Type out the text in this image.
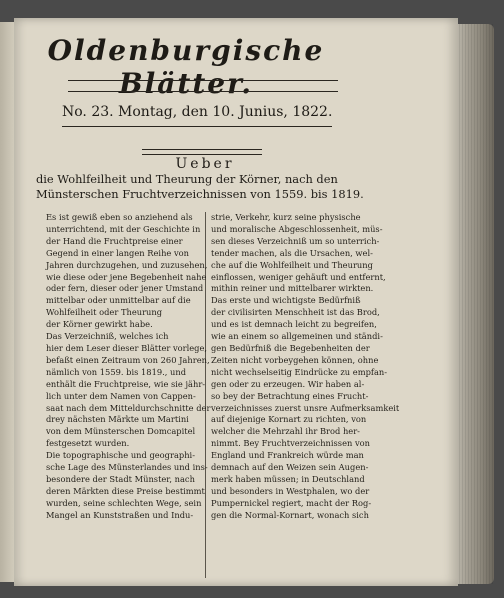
Oldenburgische Blätter.
No. 23. Montag, den 10. Junius, 1822.
Ueber
die Wohlfeilheit und Theurung der Körner, nach den
Münsterschen Fruchtverzeichnissen von 1559. bis 1819.
Es ist gewiß eben so anziehend als
unterrichtend, mit der Geschichte in
der Hand die Fruchtpreise einer
Gegend in einer langen Reihe von
Jahren durchzugehen, und zuzusehen,
wie diese oder jene Begebenheit nahe
oder fern, dieser oder jener Umstand
mittelbar oder unmittelbar auf die
Wohlfeilheit oder Theurung
der Körner gewirkt habe.
Das Verzeichniß, welches ich
hier dem Leser dieser Blätter vorlege,
befaßt einen Zeitraum von 260 Jahren,
nämlich von 1559. bis 1819., und
enthält die Fruchtpreise, wie sie jähr-
lich unter dem Namen von Cappen-
saat nach dem Mitteldurchschnitte der
drey nächsten Märkte um Martini
von dem Münsterschen Domcapitel
festgesetzt wurden.
Die topographische und geographi-
sche Lage des Münsterlandes und ins-
besondere der Stadt Münster, nach
deren Märkten diese Preise bestimmt
wurden, seine schlechten Wege, sein
Mangel an Kunststraßen und Indu-
strie, Verkehr, kurz seine physische
und moralische Abgeschlossenheit, müs-
sen dieses Verzeichniß um so unterrich-
tender machen, als die Ursachen, wel-
che auf die Wohlfeilheit und Theurung
einflossen, weniger gehäuft und entfernt,
mithin reiner und mittelbarer wirkten.
Das erste und wichtigste Bedürfniß
der civilisirten Menschheit ist das Brod,
und es ist demnach leicht zu begreifen,
wie an einem so allgemeinen und ständi-
gen Bedürfniß die Begebenheiten der
Zeiten nicht vorbeygehen können, ohne
nicht wechselseitig Eindrücke zu empfan-
gen oder zu erzeugen. Wir haben al-
so bey der Betrachtung eines Frucht-
verzeichnisses zuerst unsre Aufmerksamkeit
auf diejenige Kornart zu richten, von
welcher die Mehrzahl ihr Brod her-
nimmt. Bey Fruchtverzeichnissen von
England und Frankreich würde man
demnach auf den Weizen sein Augen-
merk haben müssen; in Deutschland
und besonders in Westphalen, wo der
Pumpernickel regiert, macht der Rog-
gen die Normal-Kornart, wonach sich
